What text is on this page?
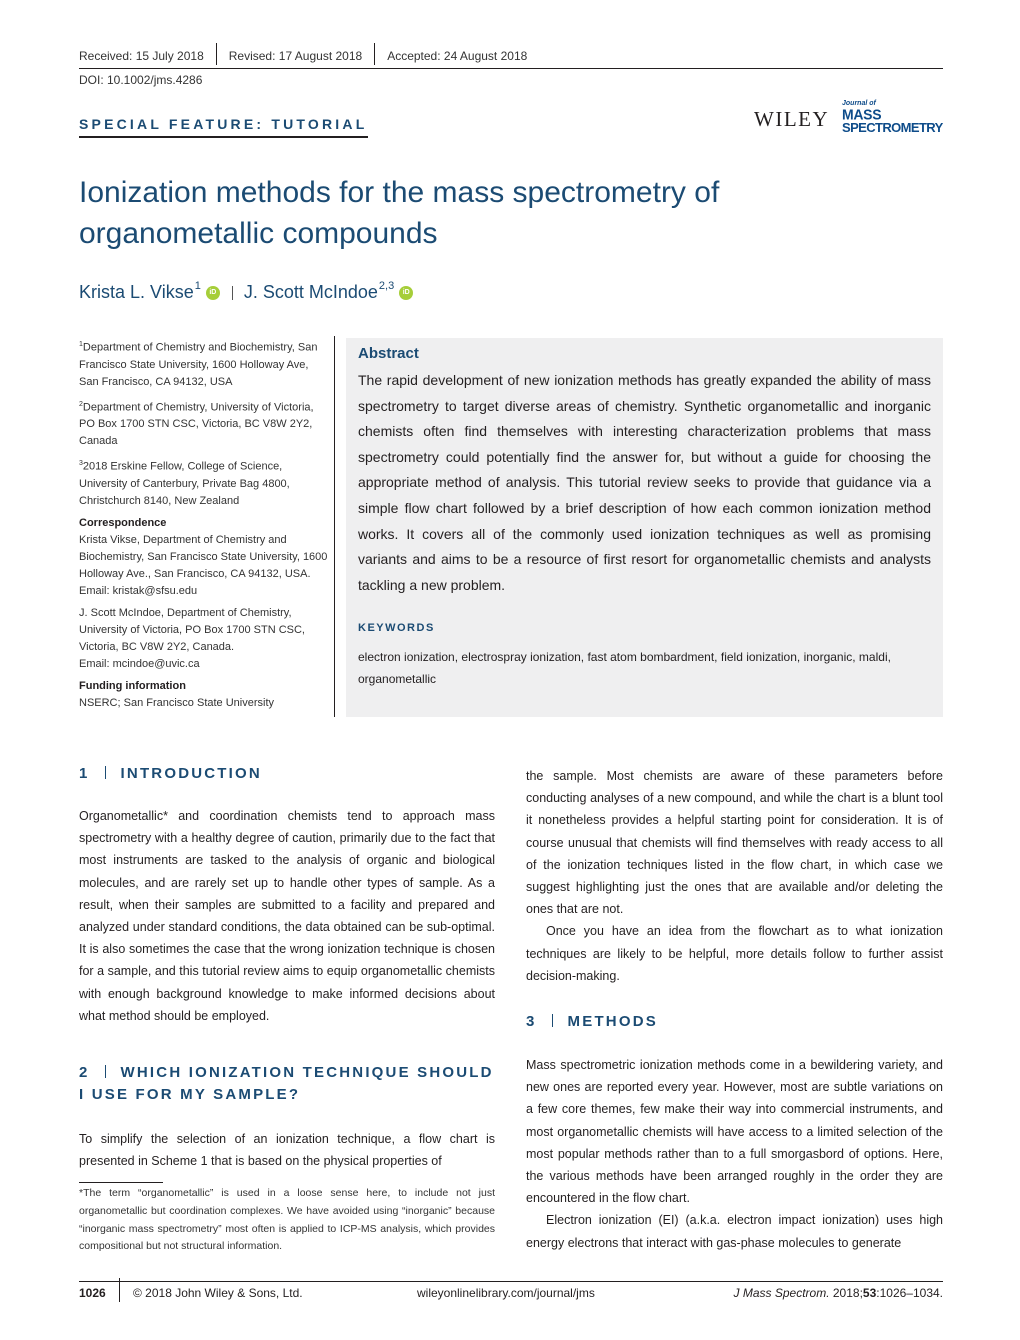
Received: 15 July 2018 Revised: 17 August 2018 Accepted: 24 August 2018
DOI: 10.1002/jms.4286
SPECIAL FEATURE: TUTORIAL	WILEY
Journal of
MASS
SPECTROMETRY
Ionization methods for the mass spectrometry of organometallic compounds
Krista L. Vikse$^1$
iD J. Scott McIndoe$^{2,3}$
iD

$^1$Department of Chemistry and Biochemistry, San Francisco State University, 1600 Holloway Ave, San Francisco, CA 94132, USA

$^2$Department of Chemistry, University of Victoria, PO Box 1700 STN CSC, Victoria, BC V8W 2Y2, Canada

$^3$2018 Erskine Fellow, College of Science, University of Canterbury, Private Bag 4800, Christchurch 8140, New Zealand

Correspondence
Krista Vikse, Department of Chemistry and Biochemistry, San Francisco State University, 1600 Holloway Ave., San Francisco, CA 94132, USA.

Email: kristak@sfsu.edu

J. Scott McIndoe, Department of Chemistry, University of Victoria, PO Box 1700 STN CSC, Victoria, BC V8W 2Y2, Canada.

Email: mcindoe@uvic.ca

Funding information
NSERC; San Francisco State University
Abstract
The rapid development of new ionization methods has greatly expanded the ability of mass spectrometry to target diverse areas of chemistry. Synthetic organometallic and inorganic chemists often find themselves with interesting characterization problems that mass spectrometry could potentially find the answer for, but without a guide for choosing the appropriate method of analysis. This tutorial review seeks to provide that guidance via a simple flow chart followed by a brief description of how each common ionization method works. It covers all of the commonly used ionization techniques as well as promising variants and aims to be a resource of first resort for organometallic chemists and analysts tackling a new problem.
KEYWORDS
electron ionization, electrospray ionization, fast atom bombardment, field ionization, inorganic, maldi, organometallic
1 INTRODUCTION

Organometallic* and coordination chemists tend to approach mass spectrometry with a healthy degree of caution, primarily due to the fact that most instruments are tasked to the analysis of organic and biological molecules, and are rarely set up to handle other types of sample. As a result, when their samples are submitted to a facility and prepared and analyzed under standard conditions, the data obtained can be sub-optimal. It is also sometimes the case that the wrong ionization technique is chosen for a sample, and this tutorial review aims to equip organometallic chemists with enough background knowledge to make informed decisions about what method should be employed.

2 WHICH IONIZATION TECHNIQUE SHOULD I USE FOR MY SAMPLE?

To simplify the selection of an ionization technique, a flow chart is presented in Scheme 1 that is based on the physical properties of

*The term “organometallic” is used in a loose sense here, to include not just organometallic but coordination complexes. We have avoided using “inorganic” because “inorganic mass spectrometry” most often is applied to ICP-MS analysis, which provides compositional but not structural information.

the sample. Most chemists are aware of these parameters before conducting analyses of a new compound, and while the chart is a blunt tool it nonetheless provides a helpful starting point for consideration. It is of course unusual that chemists will find themselves with ready access to all of the ionization techniques listed in the flow chart, in which case we suggest highlighting just the ones that are available and/or deleting the ones that are not.

Once you have an idea from the flowchart as to what ionization techniques are likely to be helpful, more details follow to further assist decision-making.

3 METHODS

Mass spectrometric ionization methods come in a bewildering variety, and new ones are reported every year. However, most are subtle variations on a few core themes, few make their way into commercial instruments, and most organometallic chemists will have access to a limited selection of the most popular methods rather than to a full smorgasbord of options. Here, the various methods have been arranged roughly in the order they are encountered in the flow chart.

Electron ionization (EI) (a.k.a. electron impact ionization) uses high energy electrons that interact with gas-phase molecules to generate

1026 © 2018 John Wiley & Sons, Ltd.	wileyonlinelibrary.com/journal/jms	J Mass Spectrom. 2018;53:1026–1034.
